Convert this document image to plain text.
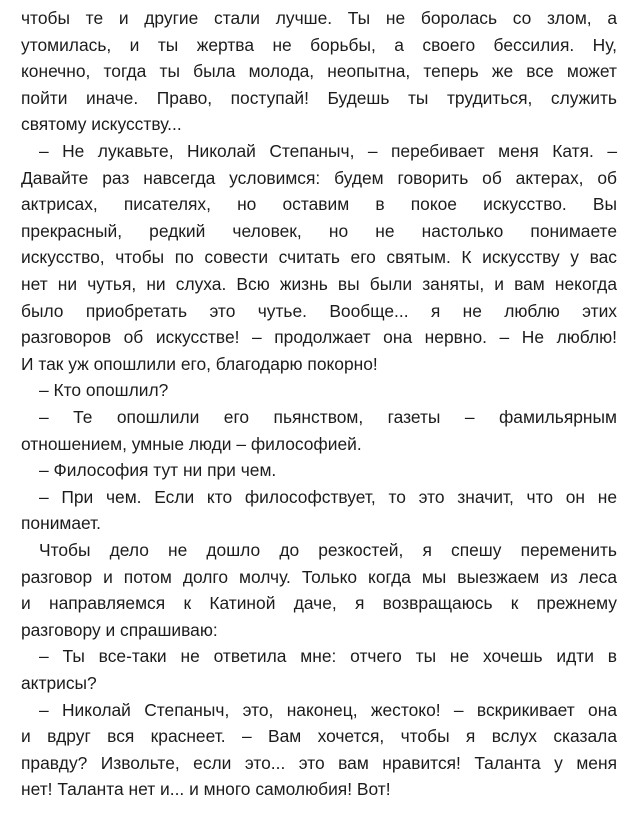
чтобы те и другие стали лучше. Ты не боролась со злом, а
утомилась, и ты жертва не борьбы, а своего бессилия. Ну,
конечно, тогда ты была молода, неопытна, теперь же все может
пойти иначе. Право, поступай! Будешь ты трудиться, служить
святому искусству...
– Не лукавьте, Николай Степаныч, – перебивает меня Катя. –
Давайте раз навсегда условимся: будем говорить об актерах, об
актрисах, писателях, но оставим в покое искусство. Вы
прекрасный, редкий человек, но не настолько понимаете
искусство, чтобы по совести считать его святым. К искусству у вас
нет ни чутья, ни слуха. Всю жизнь вы были заняты, и вам некогда
было приобретать это чутье. Вообще... я не люблю этих
разговоров об искусстве! – продолжает она нервно. – Не люблю!
И так уж опошлили его, благодарю покорно!
– Кто опошлил?
– Те опошлили его пьянством, газеты – фамильярным
отношением, умные люди – философией.
– Философия тут ни при чем.
– При чем. Если кто философствует, то это значит, что он не
понимает.
Чтобы дело не дошло до резкостей, я спешу переменить
разговор и потом долго молчу. Только когда мы выезжаем из леса
и направляемся к Катиной даче, я возвращаюсь к прежнему
разговору и спрашиваю:
– Ты все-таки не ответила мне: отчего ты не хочешь идти в
актрисы?
– Николай Степаныч, это, наконец, жестоко! – вскрикивает она
и вдруг вся краснеет. – Вам хочется, чтобы я вслух сказала
правду? Извольте, если это... это вам нравится! Таланта у меня
нет! Таланта нет и... и много самолюбия! Вот!
